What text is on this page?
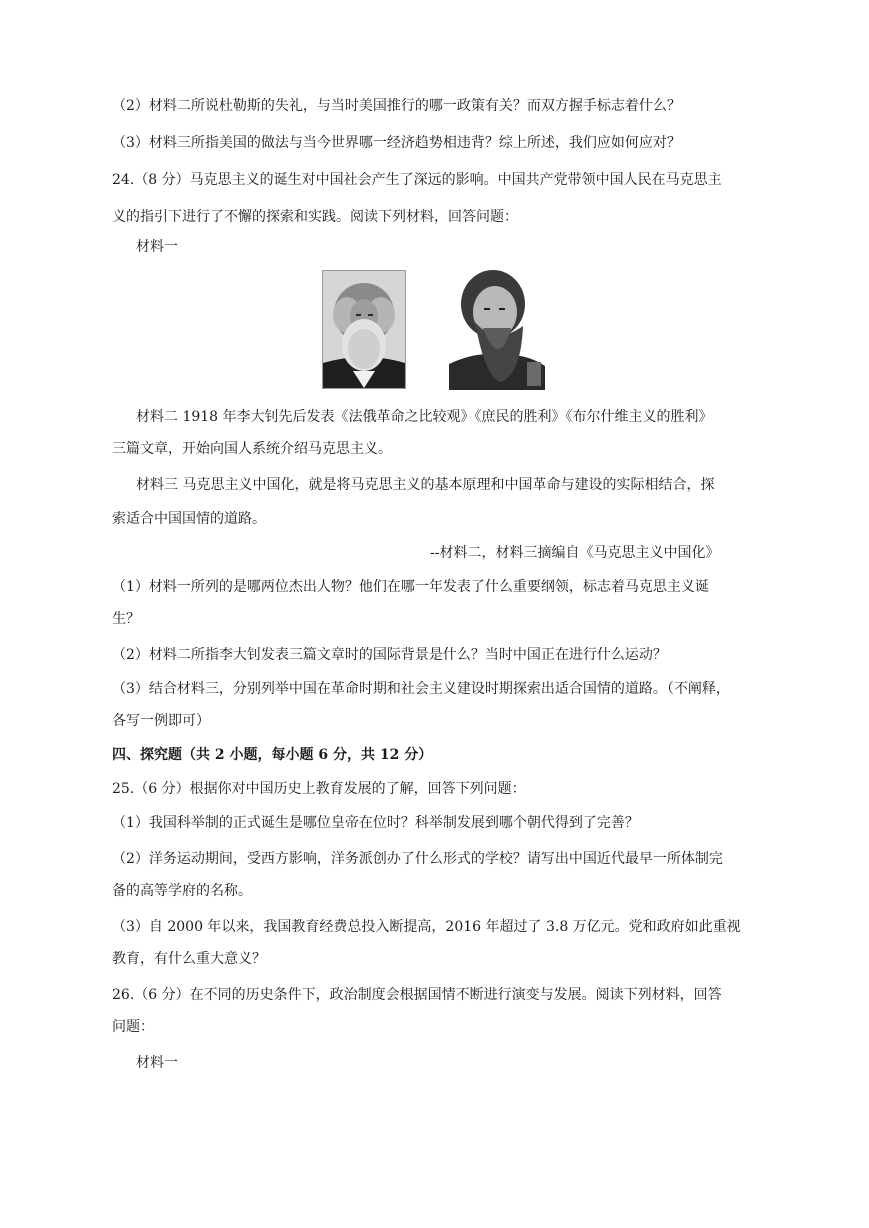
（2）材料二所说杜勒斯的失礼，与当时美国推行的哪一政策有关？而双方握手标志着什么？
（3）材料三所指美国的做法与当今世界哪一经济趋势相违背？综上所述，我们应如何应对？
24.（8 分）马克思主义的诞生对中国社会产生了深远的影响。中国共产党带领中国人民在马克思主
义的指引下进行了不懈的探索和实践。阅读下列材料，回答问题：
材料一
材料二 1918 年李大钊先后发表《法俄革命之比较观》《庶民的胜利》《布尔什维主义的胜利》
三篇文章，开始向国人系统介绍马克思主义。
材料三 马克思主义中国化，就是将马克思主义的基本原理和中国革命与建设的实际相结合，探
索适合中国国情的道路。
--材料二，材料三摘编自《马克思主义中国化》
（1）材料一所列的是哪两位杰出人物？他们在哪一年发表了什么重要纲领，标志着马克思主义诞
生？
（2）材料二所指李大钊发表三篇文章时的国际背景是什么？当时中国正在进行什么运动？
（3）结合材料三，分别列举中国在革命时期和社会主义建设时期探索出适合国情的道路。（不阐释，
各写一例即可）
四、探究题（共 2 小题，每小题 6 分，共 12 分）
25.（6 分）根据你对中国历史上教育发展的了解，回答下列问题：
（1）我国科举制的正式诞生是哪位皇帝在位时？科举制发展到哪个朝代得到了完善？
（2）洋务运动期间，受西方影响，洋务派创办了什么形式的学校？请写出中国近代最早一所体制完
备的高等学府的名称。
（3）自 2000 年以来，我国教育经费总投入断提高，2016 年超过了 3.8 万亿元。党和政府如此重视
教育，有什么重大意义？
26.（6 分）在不同的历史条件下，政治制度会根据国情不断进行演变与发展。阅读下列材料，回答
问题：
材料一
